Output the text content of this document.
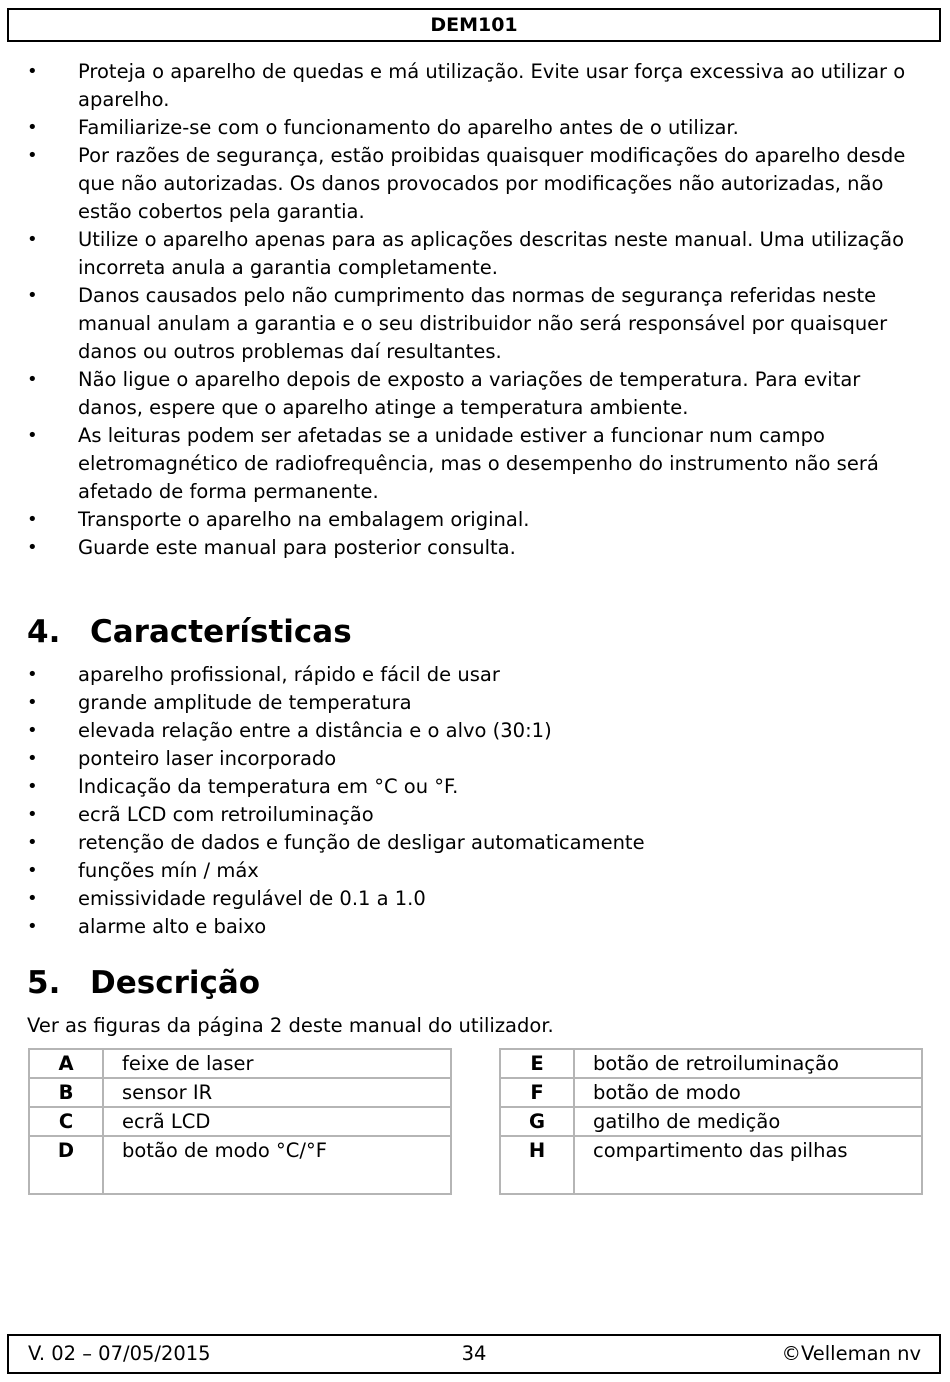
DEM101
• Proteja o aparelho de quedas e má utilização. Evite usar força excessiva ao utilizar o aparelho.
• Familiarize-se com o funcionamento do aparelho antes de o utilizar.
• Por razões de segurança, estão proibidas quaisquer modificações do aparelho desde que não autorizadas. Os danos provocados por modificações não autorizadas, não estão cobertos pela garantia.
• Utilize o aparelho apenas para as aplicações descritas neste manual. Uma utilização incorreta anula a garantia completamente.
• Danos causados pelo não cumprimento das normas de segurança referidas neste manual anulam a garantia e o seu distribuidor não será responsável por quaisquer danos ou outros problemas daí resultantes.
• Não ligue o aparelho depois de exposto a variações de temperatura. Para evitar danos, espere que o aparelho atinge a temperatura ambiente.
• As leituras podem ser afetadas se a unidade estiver a funcionar num campo eletromagnético de radiofrequência, mas o desempenho do instrumento não será afetado de forma permanente.
• Transporte o aparelho na embalagem original.
• Guarde este manual para posterior consulta.
4. Características
• aparelho profissional, rápido e fácil de usar
• grande amplitude de temperatura
• elevada relação entre a distância e o alvo (30:1)
• ponteiro laser incorporado
• Indicação da temperatura em °C ou °F.
• ecrã LCD com retroiluminação
• retenção de dados e função de desligar automaticamente
• funções mín / máx
• emissividade regulável de 0.1 a 1.0
• alarme alto e baixo
5. Descrição
Ver as figuras da página 2 deste manual do utilizador.
A	feixe de laser
B	sensor IR
C	ecrã LCD
D	botão de modo °C/°F
E	botão de retroiluminação
F	botão de modo
G	gatilho de medição
H	compartimento das pilhas
V. 02 – 07/05/2015	34	©Velleman nv
